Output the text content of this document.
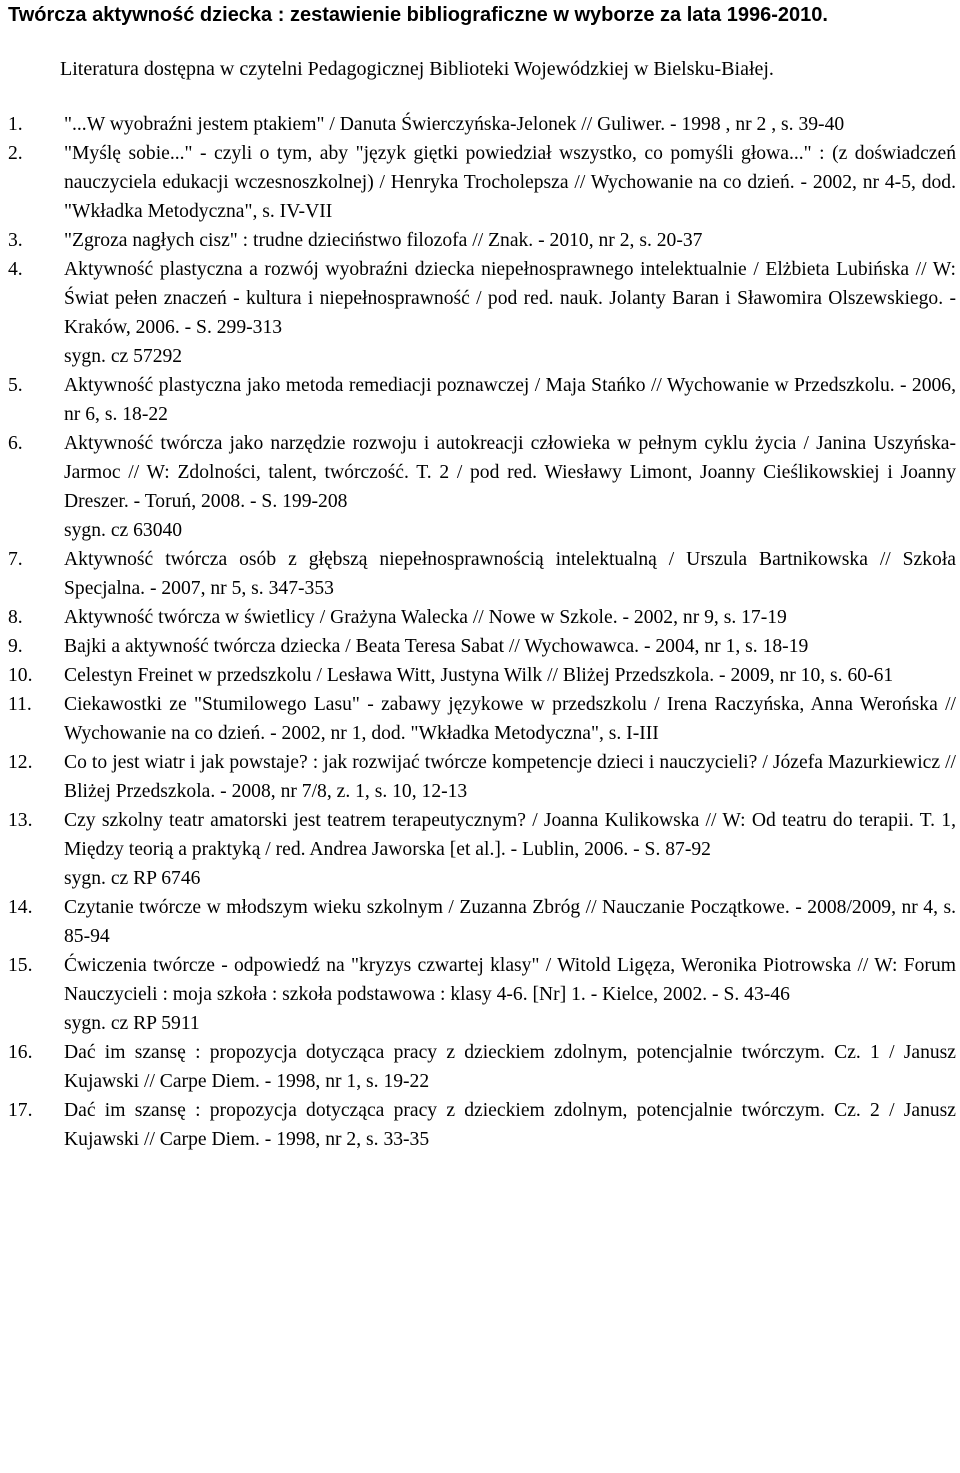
Twórcza aktywność dziecka : zestawienie bibliograficzne w wyborze za lata 1996-2010.

Literatura dostępna w czytelni Pedagogicznej Biblioteki Wojewódzkiej w Bielsku-Białej.

1.	"...W wyobraźni jestem ptakiem" / Danuta Świerczyńska-Jelonek // Guliwer. - 1998 , nr 2 , s. 39-40
2.	"Myślę sobie..." - czyli o tym, aby "język giętki powiedział wszystko, co pomyśli głowa..." : (z doświadczeń nauczyciela edukacji wczesnoszkolnej) / Henryka Trocholepsza // Wychowanie na co dzień. - 2002, nr 4-5, dod. "Wkładka Metodyczna", s. IV-VII
3.	"Zgroza nagłych cisz" : trudne dzieciństwo filozofa // Znak. - 2010, nr 2, s. 20-37
4.	Aktywność plastyczna a rozwój wyobraźni dziecka niepełnosprawnego intelektualnie / Elżbieta Lubińska // W: Świat pełen znaczeń - kultura i niepełnosprawność / pod red. nauk. Jolanty Baran i Sławomira Olszewskiego. - Kraków, 2006. - S. 299-313
sygn. cz 57292
5.	Aktywność plastyczna jako metoda remediacji poznawczej / Maja Stańko // Wychowanie w Przedszkolu. - 2006, nr 6, s. 18-22
6.	Aktywność twórcza jako narzędzie rozwoju i autokreacji człowieka w pełnym cyklu życia / Janina Uszyńska-Jarmoc // W: Zdolności, talent, twórczość. T. 2 / pod red. Wiesławy Limont, Joanny Cieślikowskiej i Joanny Dreszer. - Toruń, 2008. - S. 199-208
sygn. cz 63040
7.	Aktywność twórcza osób z głębszą niepełnosprawnością intelektualną / Urszula Bartnikowska // Szkoła Specjalna. - 2007, nr 5, s. 347-353
8.	Aktywność twórcza w świetlicy / Grażyna Walecka // Nowe w Szkole. - 2002, nr 9, s. 17-19
9.	Bajki a aktywność twórcza dziecka / Beata Teresa Sabat // Wychowawca. - 2004, nr 1, s. 18-19
10.	Celestyn Freinet w przedszkolu / Lesława Witt, Justyna Wilk // Bliżej Przedszkola. - 2009, nr 10, s. 60-61
11.	Ciekawostki ze "Stumilowego Lasu" - zabawy językowe w przedszkolu / Irena Raczyńska, Anna Werońska // Wychowanie na co dzień. - 2002, nr 1, dod. "Wkładka Metodyczna", s. I-III
12.	Co to jest wiatr i jak powstaje? : jak rozwijać twórcze kompetencje dzieci i nauczycieli? / Józefa Mazurkiewicz // Bliżej Przedszkola. - 2008, nr 7/8, z. 1, s. 10, 12-13
13.	Czy szkolny teatr amatorski jest teatrem terapeutycznym? / Joanna Kulikowska // W: Od teatru do terapii. T. 1, Między teorią a praktyką / red. Andrea Jaworska [et al.]. - Lublin, 2006. - S. 87-92
sygn. cz RP 6746
14.	Czytanie twórcze w młodszym wieku szkolnym / Zuzanna Zbróg // Nauczanie Początkowe. - 2008/2009, nr 4, s. 85-94
15.	Ćwiczenia twórcze - odpowiedź na "kryzys czwartej klasy" / Witold Ligęza, Weronika Piotrowska // W: Forum Nauczycieli : moja szkoła : szkoła podstawowa : klasy 4-6. [Nr] 1. - Kielce, 2002. - S. 43-46
sygn. cz RP 5911
16.	Dać im szansę : propozycja dotycząca pracy z dzieckiem zdolnym, potencjalnie twórczym. Cz. 1 / Janusz Kujawski // Carpe Diem. - 1998, nr 1, s. 19-22
17.	Dać im szansę : propozycja dotycząca pracy z dzieckiem zdolnym, potencjalnie twórczym. Cz. 2 / Janusz Kujawski // Carpe Diem. - 1998, nr 2, s. 33-35
